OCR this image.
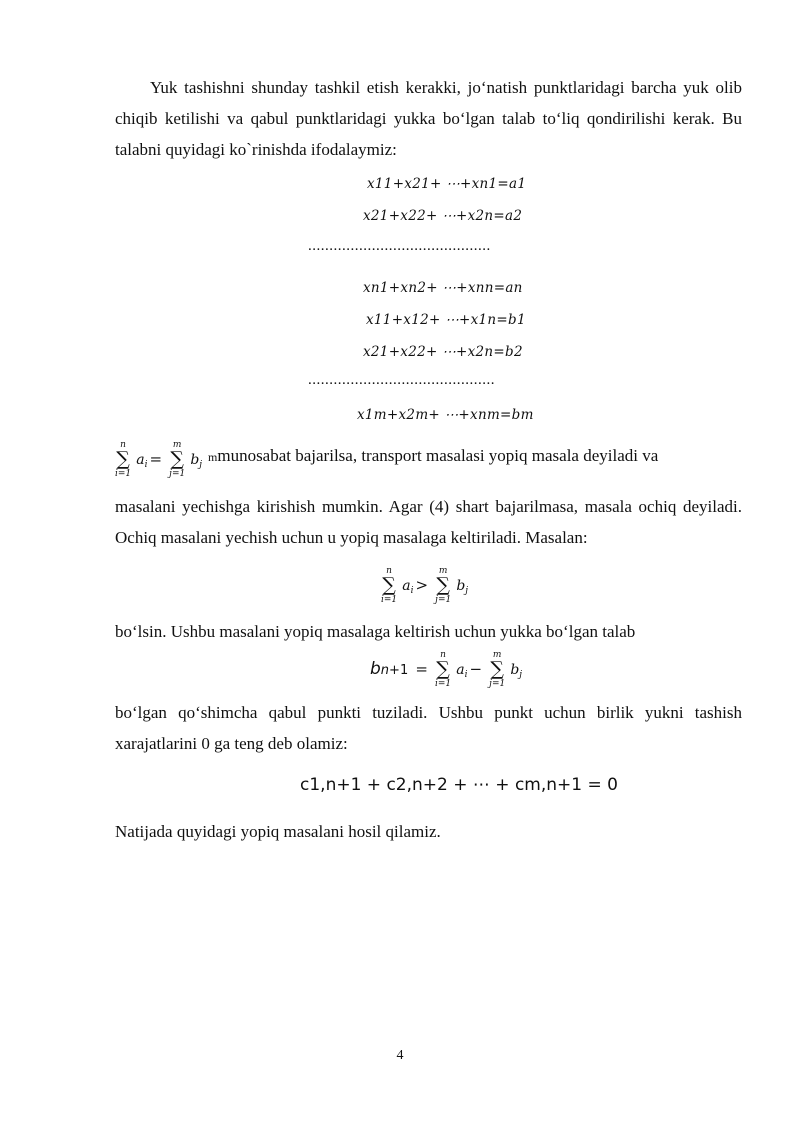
Yuk tashishni shunday tashkil etish kerakki, jo‘natish punktlaridagi barcha yuk olib chiqib ketilishi va qabul punktlaridagi yukka bo‘lgan talab to‘liq qondirilishi kerak. Bu talabni quyidagi ko`rinishda ifodalaymiz:
x11+x21+ ⋯+xn1=a1
x21+x22+ ⋯+x2n=a2
...........................................
xn1+xn2+ ⋯+xnn=an
x11+x12+ ⋯+x1n=b1
x21+x22+ ⋯+x2n=b2
............................................
x1m+x2m+ ⋯+xnm=bm
n
∑
i=1
$a_i$ =
m
∑
j=1
$b_j$
mmunosabat bajarilsa, transport masalasi yopiq masala deyiladi va
masalani yechishga kirishish mumkin. Agar (4) shart bajarilmasa, masala ochiq deyiladi. Ochiq masalani yechish uchun u yopiq masalaga keltiriladi. Masalan:
n
∑
i=1
$a_i$ >
m
∑
j=1
$b_j$
bo‘lsin. Ushbu masalani yopiq masalaga keltirish uchun yukka bo‘lgan talab
bn+1 =
n
∑
i=1
$a_i$ −
m
∑
j=1
$b_j$
bo‘lgan qo‘shimcha qabul punkti tuziladi. Ushbu punkt uchun birlik yukni tashish xarajatlarini 0 ga teng deb olamiz:
c1,n+1 + c2,n+2 + ⋯ + cm,n+1 = 0
Natijada quyidagi yopiq masalani hosil qilamiz.
4
